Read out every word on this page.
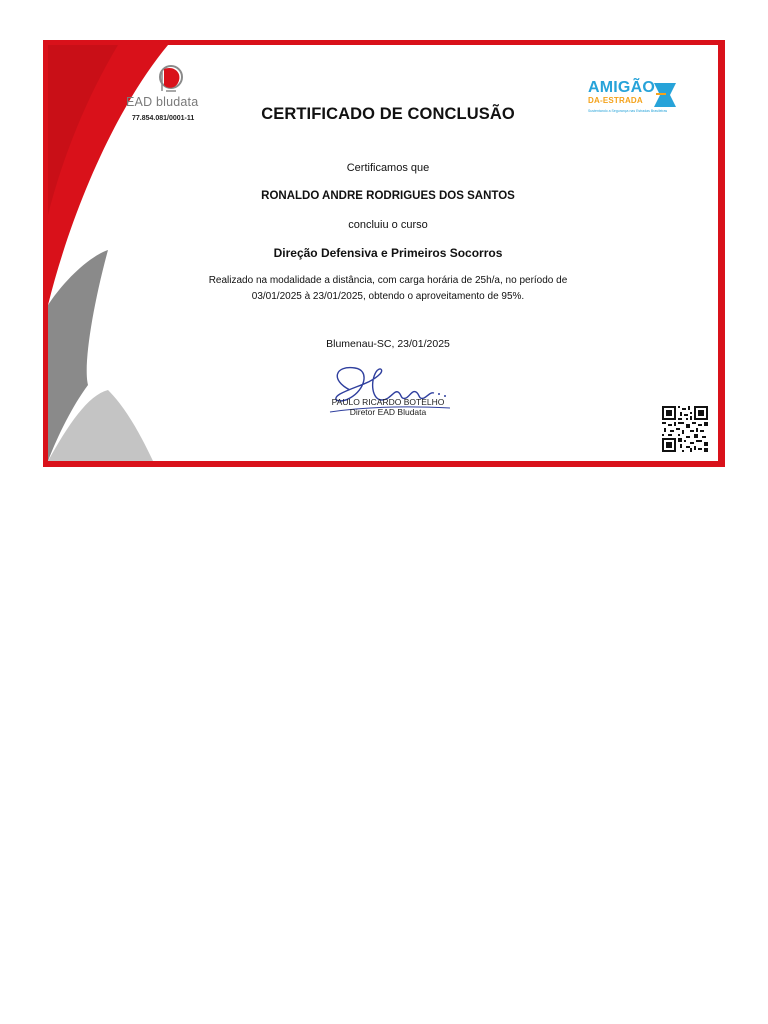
EAD bludata
77.854.081/0001-11	CERTIFICADO DE CONCLUSÃO
AMIGÃO
DA-ESTRADA
Sustentando a Segurança nas Estradas Brasileiras
Certificamos que
RONALDO ANDRE RODRIGUES DOS SANTOS
concluiu o curso
Direção Defensiva e Primeiros Socorros
Realizado na modalidade a distância, com carga horária de 25h/a, no período de 03/01/2025 à 23/01/2025, obtendo o aproveitamento de 95%.
Blumenau-SC, 23/01/2025
PAULO RICARDO BOTELHO
Diretor EAD Bludata
